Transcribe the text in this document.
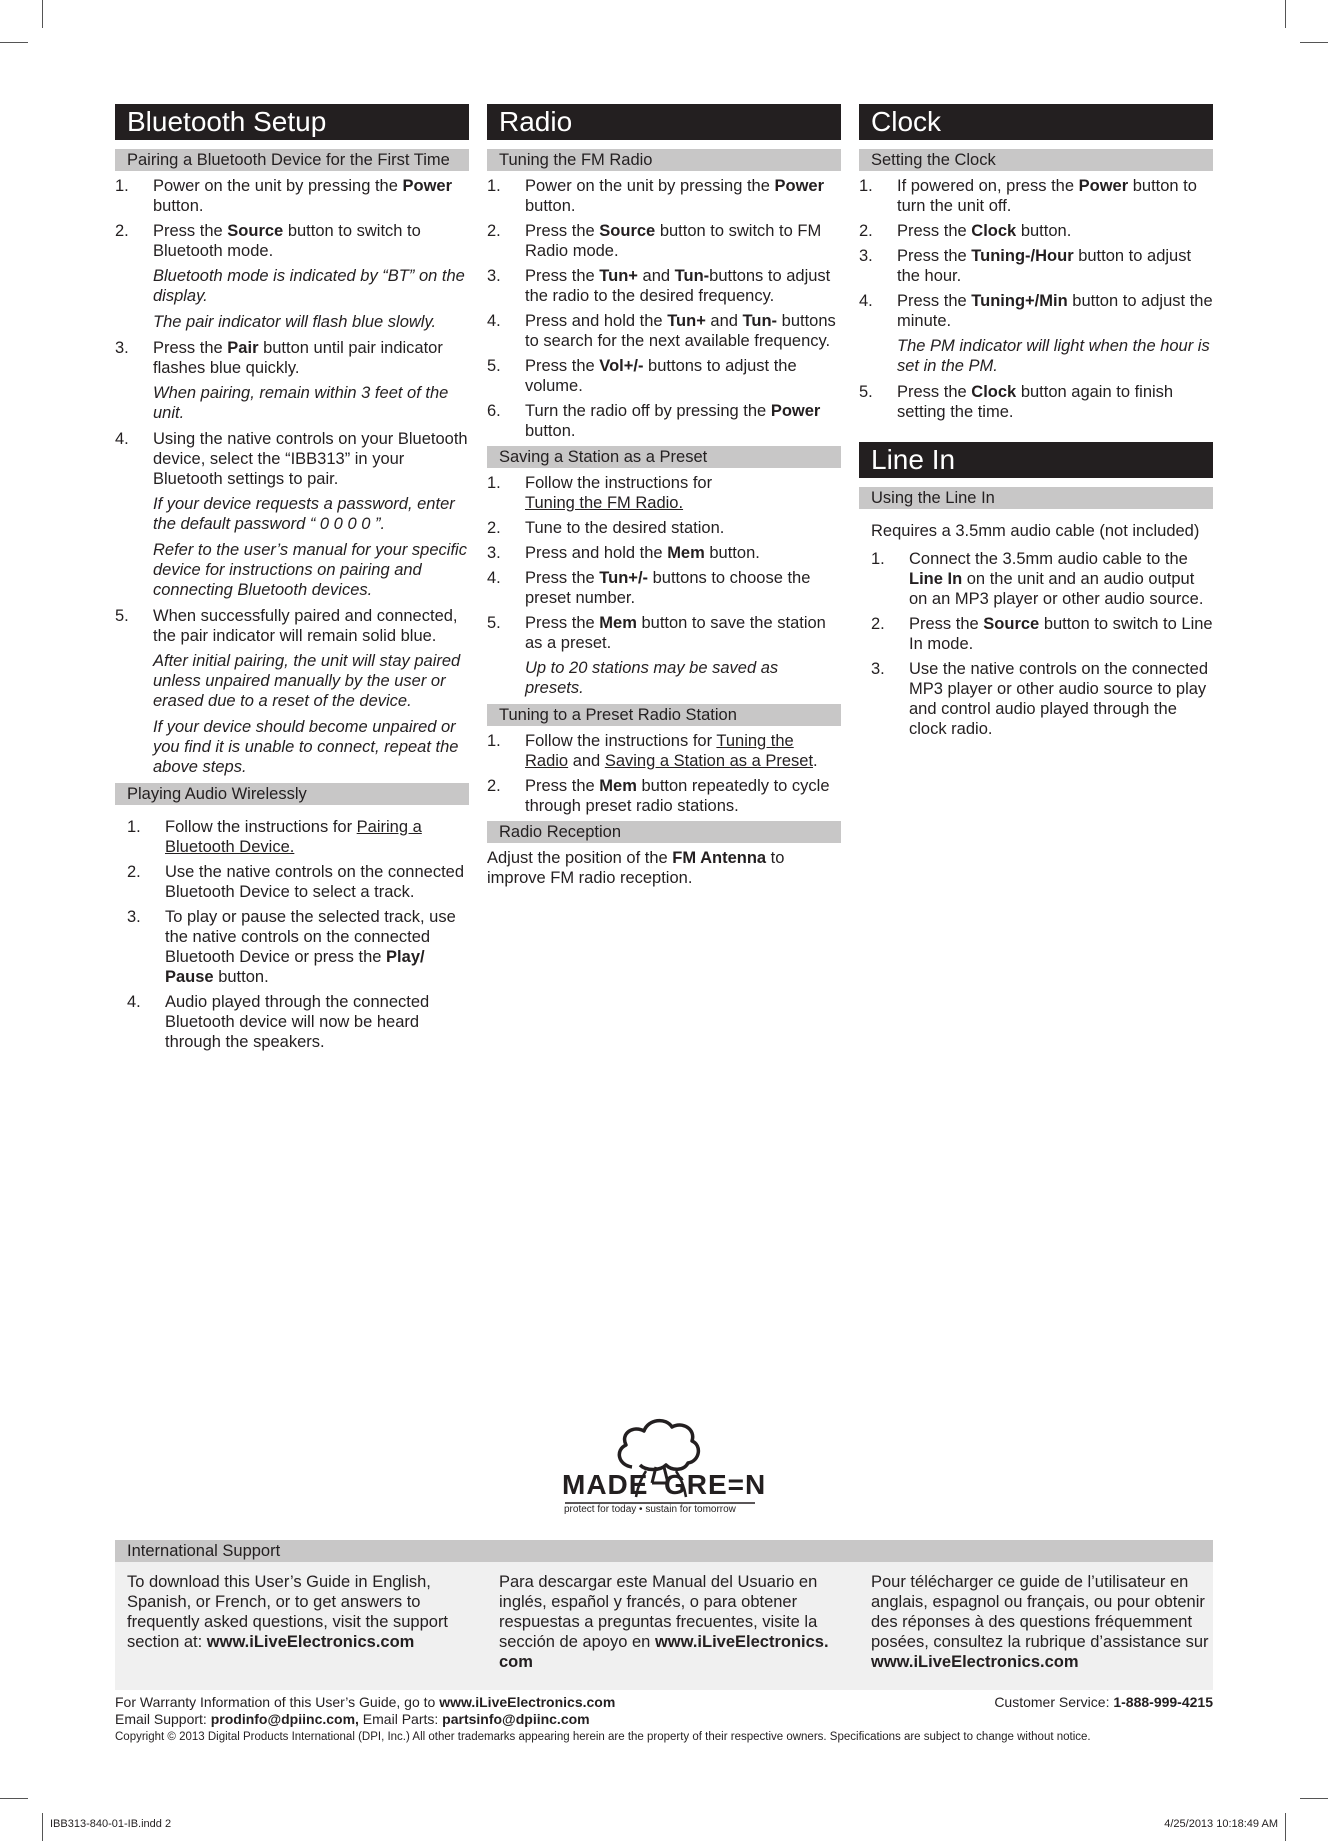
Bluetooth Setup
Pairing a Bluetooth Device for the First Time
1. Power on the unit by pressing the Power button.
2. Press the Source button to switch to Bluetooth mode.
Bluetooth mode is indicated by “BT” on the display.
The pair indicator will flash blue slowly.
3. Press the Pair button until pair indicator flashes blue quickly.
When pairing, remain within 3 feet of the unit.
4. Using the native controls on your Bluetooth device, select the “IBB313” in your Bluetooth settings to pair.
If your device requests a password, enter the default password “ 0 0 0 0 ”.
Refer to the user’s manual for your specific device for instructions on pairing and connecting Bluetooth devices.
5. When successfully paired and connected, the pair indicator will remain solid blue.
After initial pairing, the unit will stay paired unless unpaired manually by the user or erased due to a reset of the device.
If your device should become unpaired or you find it is unable to connect, repeat the above steps.
Playing Audio Wirelessly
1. Follow the instructions for Pairing a Bluetooth Device.
2. Use the native controls on the connected Bluetooth Device to select a track.
3. To play or pause the selected track, use the native controls on the connected Bluetooth Device or press the Play/ Pause button.
4. Audio played through the connected Bluetooth device will now be heard through the speakers.
Radio
Tuning the FM Radio
1. Power on the unit by pressing the Power button.
2. Press the Source button to switch to FM Radio mode.
3. Press the Tun+ and Tun-buttons to adjust the radio to the desired frequency.
4. Press and hold the Tun+ and Tun- buttons to search for the next available frequency.
5. Press the Vol+/- buttons to adjust the volume.
6. Turn the radio off by pressing the Power button.
Saving a Station as a Preset
1. Follow the instructions for
Tuning the FM Radio.
2. Tune to the desired station.
3. Press and hold the Mem button.
4. Press the Tun+/- buttons to choose the preset number.
5. Press the Mem button to save the station as a preset.
Up to 20 stations may be saved as presets.
Tuning to a Preset Radio Station
1. Follow the instructions for Tuning the Radio and Saving a Station as a Preset.
2. Press the Mem button repeatedly to cycle through preset radio stations.
Radio Reception
Adjust the position of the FM Antenna to improve FM radio reception.
Clock
Setting the Clock
1. If powered on, press the Power button to turn the unit off.
2. Press the Clock button.
3. Press the Tuning-/Hour button to adjust the hour.
4. Press the Tuning+/Min button to adjust the minute.
The PM indicator will light when the hour is set in the PM.
5. Press the Clock button again to finish setting the time.
Line In
Using the Line In
Requires a 3.5mm audio cable (not included)
1. Connect the 3.5mm audio cable to the Line In on the unit and an audio output on an MP3 player or other audio source.
2. Press the Source button to switch to Line In mode.
3. Use the native controls on the connected MP3 player or other audio source to play and control audio played through the clock radio.
MADE GRE=N
protect for today • sustain for tomorrow
International Support
To download this User’s Guide in English, Spanish, or French, or to get answers to frequently asked questions, visit the support section at: www.iLiveElectronics.com
Para descargar este Manual del Usuario en inglés, español y francés, o para obtener respuestas a preguntas frecuentes, visite la sección de apoyo en www.iLiveElectronics. com
Pour télécharger ce guide de l’utilisateur en anglais, espagnol ou français, ou pour obtenir des réponses à des questions fréquemment posées, consultez la rubrique d’assistance sur www.iLiveElectronics.com
For Warranty Information of this User’s Guide, go to www.iLiveElectronics.com	Customer Service: 1-888-999-4215
Email Support: prodinfo@dpiinc.com, Email Parts: partsinfo@dpiinc.com
Copyright © 2013 Digital Products International (DPI, Inc.) All other trademarks appearing herein are the property of their respective owners. Specifications are subject to change without notice.
IBB313-840-01-IB.indd 2	4/25/2013 10:18:49 AM
